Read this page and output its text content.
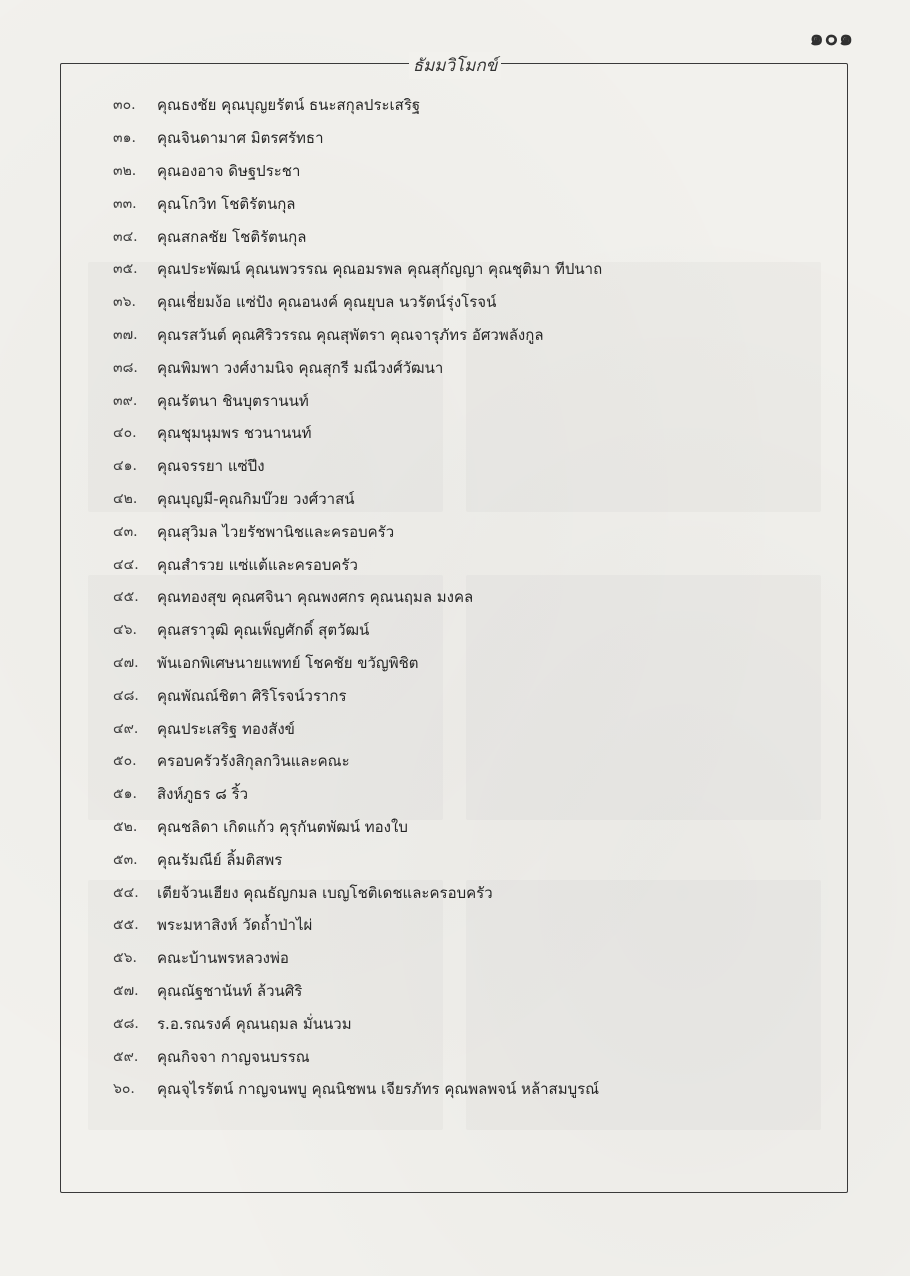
๑๐๑
ธัมมวิโมกข์
๓๐.	คุณธงชัย คุณบุญยรัตน์ ธนะสกุลประเสริฐ
๓๑.	คุณจินดามาศ มิตรศรัทธา
๓๒.	คุณองอาจ ดิษฐประชา
๓๓.	คุณโกวิท โชติรัตนกุล
๓๔.	คุณสกลชัย โชติรัตนกุล
๓๕.	คุณประพัฒน์ คุณนพวรรณ คุณอมรพล คุณสุกัญญา คุณชุติมา ทีปนาถ
๓๖.	คุณเชี่ยมง้อ แซ่ปัง คุณอนงค์ คุณยุบล นวรัตน์รุ่งโรจน์
๓๗.	คุณรสวันต์ คุณศิริวรรณ คุณสุพัตรา คุณจารุภัทร อัศวพลังกูล
๓๘.	คุณพิมพา วงศ์งามนิจ คุณสุกรี มณีวงศ์วัฒนา
๓๙.	คุณรัตนา ชินบุตรานนท์
๔๐.	คุณชุมนุมพร ชวนานนท์
๔๑.	คุณจรรยา แซ่ปึง
๔๒.	คุณบุญมี-คุณกิมบ๊วย วงศ์วาสน์
๔๓.	คุณสุวิมล ไวยรัชพานิชและครอบครัว
๔๔.	คุณสำรวย แซ่แต้และครอบครัว
๔๕.	คุณทองสุข คุณศจินา คุณพงศกร คุณนฤมล มงคล
๔๖.	คุณสราวุฒิ คุณเพ็ญศักดิ์ สุตวัฒน์
๔๗.	พันเอกพิเศษนายแพทย์ โชคชัย ขวัญพิชิต
๔๘.	คุณพัณณ์ชิตา ศิริโรจน์วรากร
๔๙.	คุณประเสริฐ ทองสังข์
๕๐.	ครอบครัวรังสิกุลกวินและคณะ
๕๑.	สิงห์ภูธร ๘ ริ้ว
๕๒.	คุณชลิดา เกิดแก้ว คุรุกันตพัฒน์ ทองใบ
๕๓.	คุณรัมณีย์ ลิ้มติสพร
๕๔.	เตียจ้วนเฮียง คุณธัญกมล เบญโชติเดชและครอบครัว
๕๕.	พระมหาสิงห์ วัดถ้ำป่าไผ่
๕๖.	คณะบ้านพรหลวงพ่อ
๕๗.	คุณณัฐชานันท์ ล้วนศิริ
๕๘.	ร.อ.รณรงค์ คุณนฤมล มั่นนวม
๕๙.	คุณกิจจา กาญจนบรรณ
๖๐.	คุณจุไรรัตน์ กาญจนพบู คุณนิชพน เจียรภัทร คุณพลพจน์ หล้าสมบูรณ์
